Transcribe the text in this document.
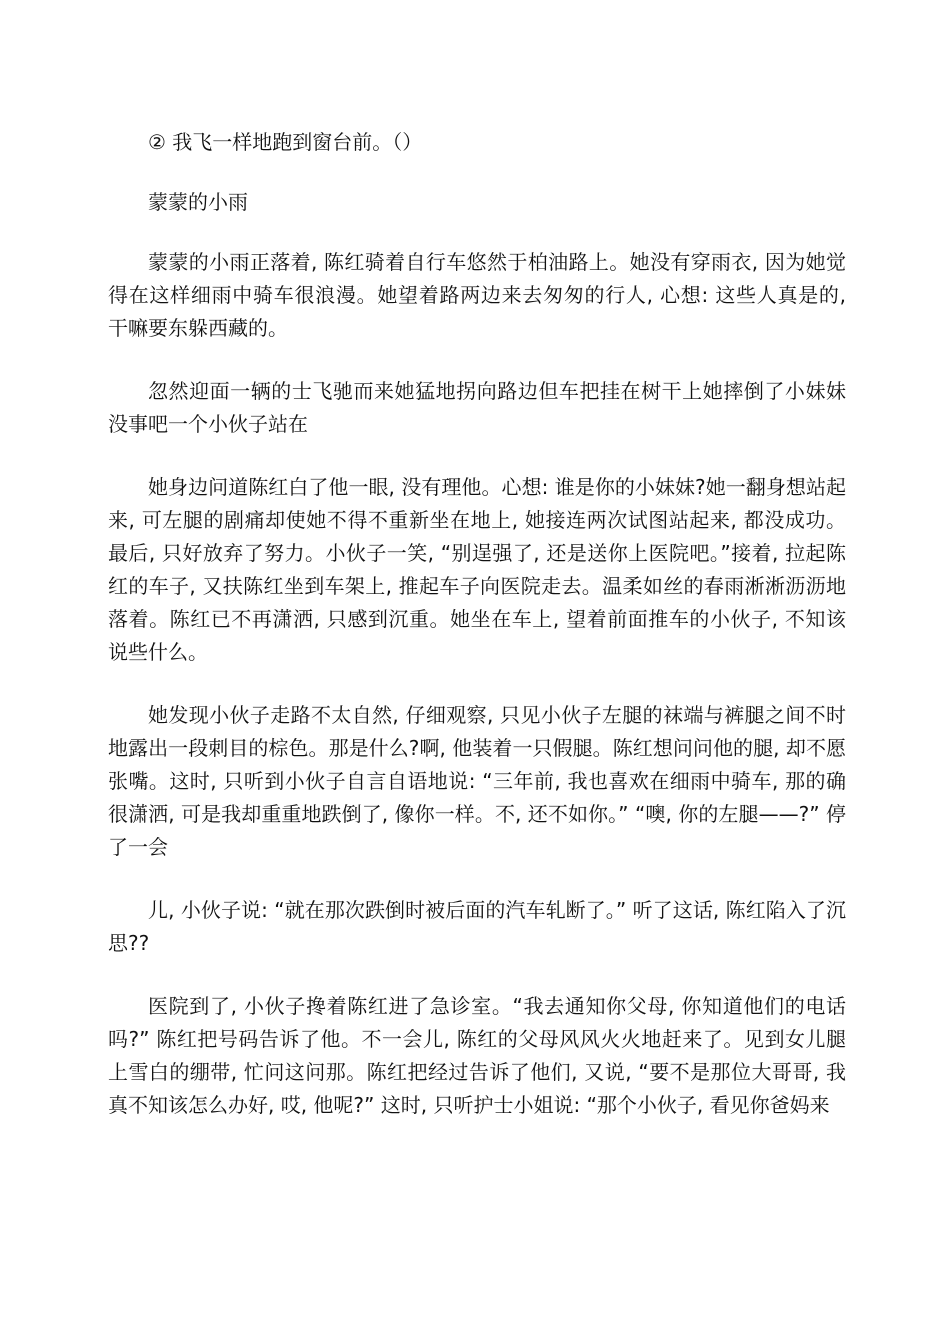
② 我飞一样地跑到窗台前。（）

蒙蒙的小雨

蒙蒙的小雨正落着, 陈红骑着自行车悠然于柏油路上。她没有穿雨衣, 因为她觉得在这样细雨中骑车很浪漫。她望着路两边来去匆匆的行人, 心想: 这些人真是的, 干嘛要东躲西藏的。

忽然迎面一辆的士飞驰而来她猛地拐向路边但车把挂在树干上她摔倒了小妹妹没事吧一个小伙子站在

她身边问道陈红白了他一眼, 没有理他。心想: 谁是你的小妹妹?她一翻身想站起来, 可左腿的剧痛却使她不得不重新坐在地上, 她接连两次试图站起来, 都没成功。最后, 只好放弃了努力。小伙子一笑, “别逞强了, 还是送你上医院吧。”接着, 拉起陈红的车子, 又扶陈红坐到车架上, 推起车子向医院走去。温柔如丝的春雨淅淅沥沥地落着。陈红已不再潇洒, 只感到沉重。她坐在车上, 望着前面推车的小伙子, 不知该说些什么。

她发现小伙子走路不太自然, 仔细观察, 只见小伙子左腿的袜端与裤腿之间不时地露出一段刺目的棕色。那是什么?啊, 他装着一只假腿。陈红想问问他的腿, 却不愿张嘴。这时, 只听到小伙子自言自语地说: “三年前, 我也喜欢在细雨中骑车, 那的确很潇洒, 可是我却重重地跌倒了, 像你一样。不, 还不如你。” “噢, 你的左腿——?” 停了一会

儿, 小伙子说: “就在那次跌倒时被后面的汽车轧断了。” 听了这话, 陈红陷入了沉思??

医院到了, 小伙子搀着陈红进了急诊室。“我去通知你父母, 你知道他们的电话吗?” 陈红把号码告诉了他。不一会儿, 陈红的父母风风火火地赶来了。见到女儿腿上雪白的绷带, 忙问这问那。陈红把经过告诉了他们, 又说, “要不是那位大哥哥, 我真不知该怎么办好, 哎, 他呢?” 这时, 只听护士小姐说: “那个小伙子, 看见你爸妈来
